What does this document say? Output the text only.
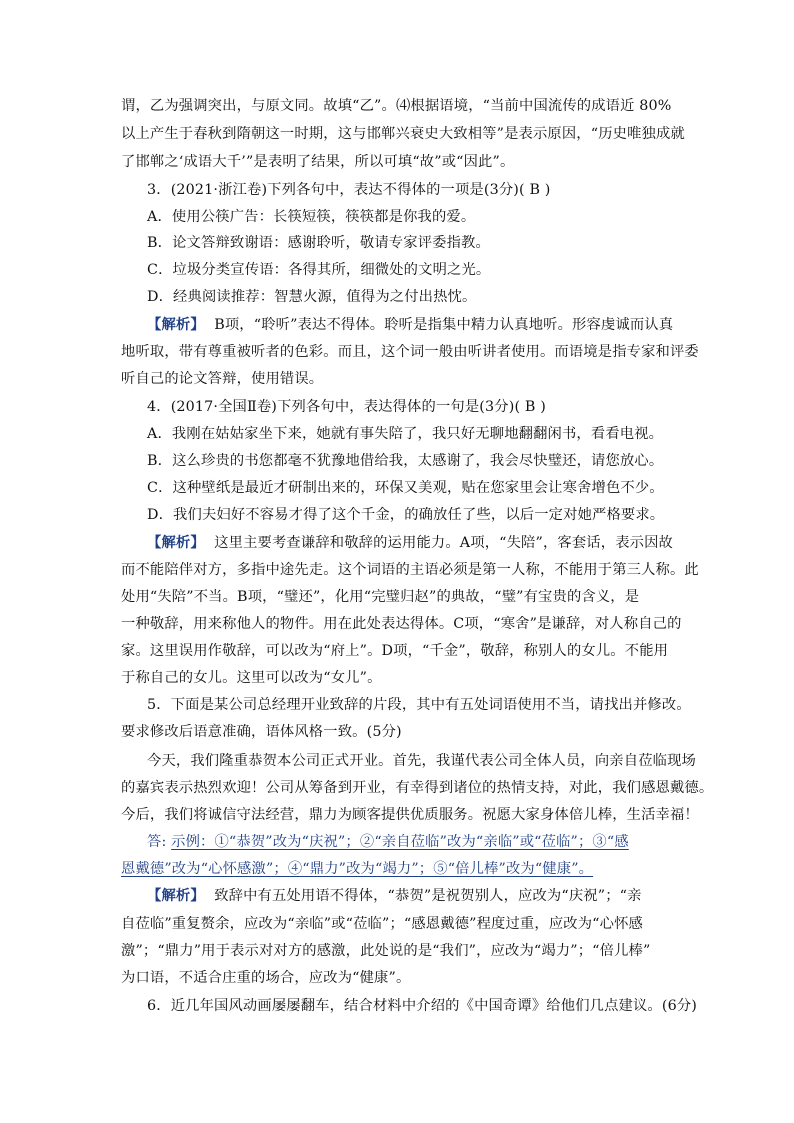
谓，乙为强调突出，与原文同。故填“乙”。⑷根据语境，“当前中国流传的成语近 80%
以上产生于春秋到隋朝这一时期，这与邯郸兴衰史大致相等”是表示原因，“历史唯独成就
了邯郸之‘成语大千’”是表明了结果，所以可填“故”或“因此”。
3．(2021·浙江卷)下列各句中，表达不得体的一项是(3分)( B )
A．使用公筷广告：长筷短筷，筷筷都是你我的爱。
B．论文答辩致谢语：感谢聆听，敬请专家评委指教。
C．垃圾分类宣传语：各得其所，细微处的文明之光。
D．经典阅读推荐：智慧火源，值得为之付出热忱。
【解析】 B项，“聆听”表达不得体。聆听是指集中精力认真地听。形容虔诚而认真
地听取，带有尊重被听者的色彩。而且，这个词一般由听讲者使用。而语境是指专家和评委
听自己的论文答辩，使用错误。
4．(2017·全国Ⅱ卷)下列各句中，表达得体的一句是(3分)( B )
A．我刚在姑姑家坐下来，她就有事失陪了，我只好无聊地翻翻闲书，看看电视。
B．这么珍贵的书您都毫不犹豫地借给我，太感谢了，我会尽快璧还，请您放心。
C．这种壁纸是最近才研制出来的，环保又美观，贴在您家里会让寒舍增色不少。
D．我们夫妇好不容易才得了这个千金，的确放任了些，以后一定对她严格要求。
【解析】 这里主要考查谦辞和敬辞的运用能力。A项，“失陪”，客套话，表示因故
而不能陪伴对方，多指中途先走。这个词语的主语必须是第一人称，不能用于第三人称。此
处用“失陪”不当。B项，“璧还”，化用“完璧归赵”的典故，“璧”有宝贵的含义，是
一种敬辞，用来称他人的物件。用在此处表达得体。C项，“寒舍”是谦辞，对人称自己的
家。这里误用作敬辞，可以改为“府上”。D项，“千金”，敬辞，称别人的女儿。不能用
于称自己的女儿。这里可以改为“女儿”。
5．下面是某公司总经理开业致辞的片段，其中有五处词语使用不当，请找出并修改。
要求修改后语意准确，语体风格一致。(5分)
今天，我们隆重恭贺本公司正式开业。首先，我谨代表公司全体人员，向亲自莅临现场
的嘉宾表示热烈欢迎！公司从筹备到开业，有幸得到诸位的热情支持，对此，我们感恩戴德。
今后，我们将诚信守法经营，鼎力为顾客提供优质服务。祝愿大家身体倍儿棒，生活幸福！
答: 示例：①“恭贺”改为“庆祝”；②“亲自莅临”改为“亲临”或“莅临”；③“感
恩戴德”改为“心怀感激”；④“鼎力”改为“竭力”；⑤“倍儿棒”改为“健康”。
【解析】 致辞中有五处用语不得体，“恭贺”是祝贺别人，应改为“庆祝”；“亲
自莅临”重复赘余，应改为“亲临”或“莅临”；“感恩戴德”程度过重，应改为“心怀感
激”；“鼎力”用于表示对对方的感激，此处说的是“我们”，应改为“竭力”；“倍儿棒”
为口语，不适合庄重的场合，应改为“健康”。
6．近几年国风动画屡屡翻车，结合材料中介绍的《中国奇谭》给他们几点建议。(6分)
